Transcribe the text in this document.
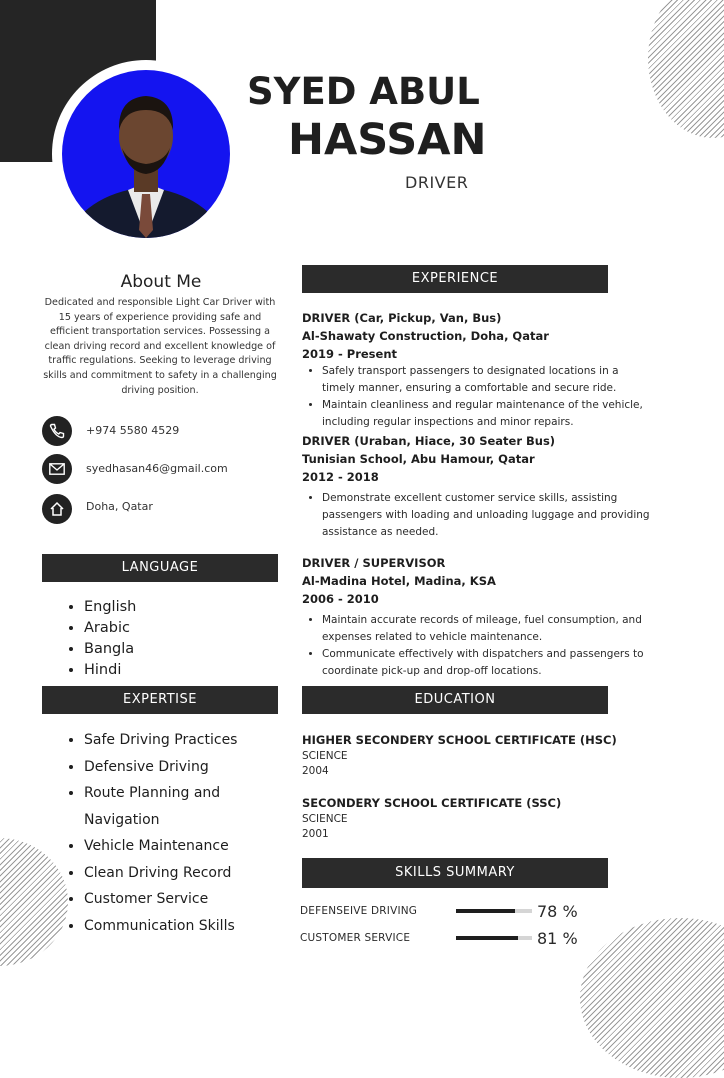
SYED ABUL
HASSAN
DRIVER
About Me
Dedicated and responsible Light Car Driver with 15 years of experience providing safe and efficient transportation services. Possessing a clean driving record and excellent knowledge of traffic regulations. Seeking to leverage driving skills and commitment to safety in a challenging driving position.
+974 5580 4529
syedhasan46@gmail.com
Doha, Qatar
LANGUAGE
• English
• Arabic
• Bangla
• Hindi
EXPERTISE
• Safe Driving Practices
• Defensive Driving
• Route Planning and Navigation
• Vehicle Maintenance
• Clean Driving Record
• Customer Service
• Communication Skills
EXPERIENCE
DRIVER (Car, Pickup, Van, Bus)
Al-Shawaty Construction, Doha, Qatar
2019 - Present
• Safely transport passengers to designated locations in a timely manner, ensuring a comfortable and secure ride.
• Maintain cleanliness and regular maintenance of the vehicle, including regular inspections and minor repairs.
DRIVER (Uraban, Hiace, 30 Seater Bus)
Tunisian School, Abu Hamour, Qatar
2012 - 2018
• Demonstrate excellent customer service skills, assisting passengers with loading and unloading luggage and providing assistance as needed.
DRIVER / SUPERVISOR
Al-Madina Hotel, Madina, KSA
2006 - 2010
• Maintain accurate records of mileage, fuel consumption, and expenses related to vehicle maintenance.
• Communicate effectively with dispatchers and passengers to coordinate pick-up and drop-off locations.
EDUCATION
HIGHER SECONDERY SCHOOL CERTIFICATE (HSC)
SCIENCE
2004
SECONDERY SCHOOL CERTIFICATE (SSC)
SCIENCE
2001
SKILLS SUMMARY
DEFENSEIVE DRIVING	78 %
CUSTOMER SERVICE	81 %
